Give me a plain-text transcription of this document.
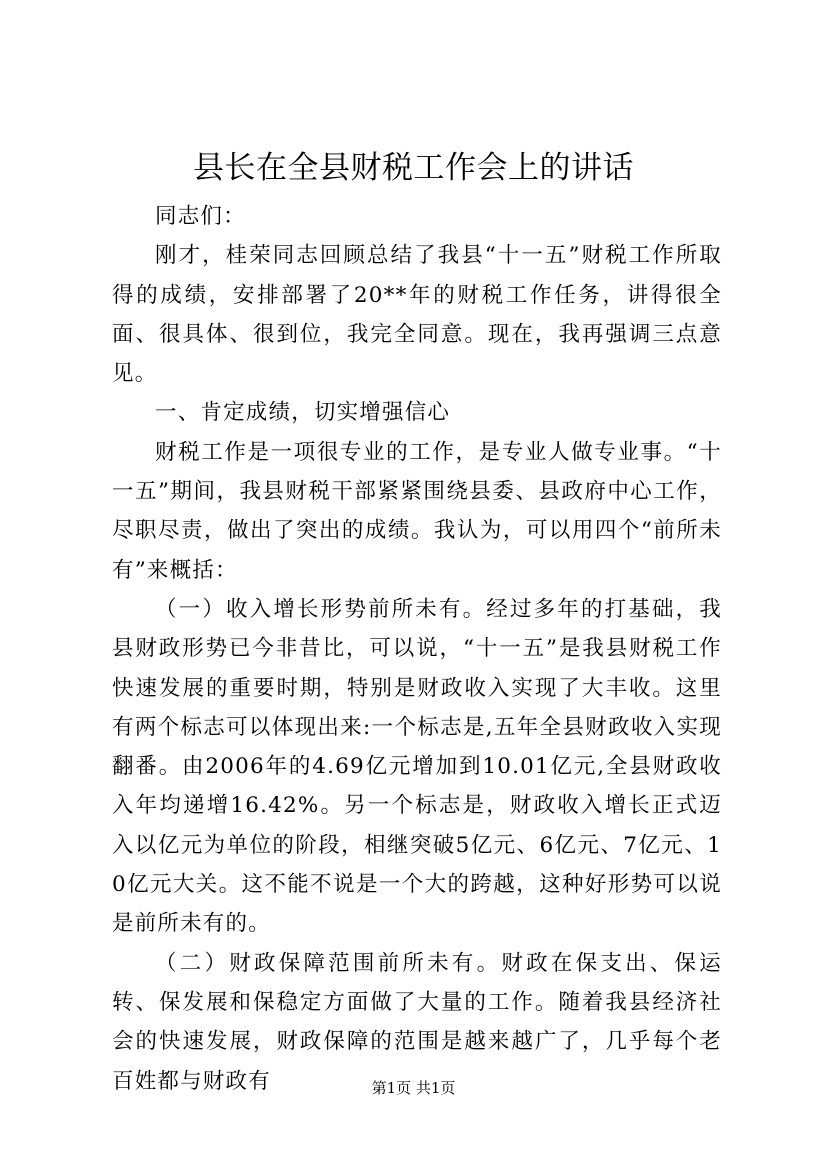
县长在全县财税工作会上的讲话

同志们：

刚才，桂荣同志回顾总结了我县“十一五”财税工作所取得的成绩，安排部署了20**年的财税工作任务，讲得很全面、很具体、很到位，我完全同意。现在，我再强调三点意见。

一、肯定成绩，切实增强信心

财税工作是一项很专业的工作，是专业人做专业事。“十一五”期间，我县财税干部紧紧围绕县委、县政府中心工作，尽职尽责，做出了突出的成绩。我认为，可以用四个“前所未有”来概括：

（一）收入增长形势前所未有。经过多年的打基础，我县财政形势已今非昔比，可以说，“十一五”是我县财税工作快速发展的重要时期，特别是财政收入实现了大丰收。这里有两个标志可以体现出来:一个标志是,五年全县财政收入实现翻番。由2006年的4.69亿元增加到10.01亿元,全县财政收入年均递增16.42%。另一个标志是，财政收入增长正式迈入以亿元为单位的阶段，相继突破5亿元、6亿元、7亿元、10亿元大关。这不能不说是一个大的跨越，这种好形势可以说是前所未有的。

（二）财政保障范围前所未有。财政在保支出、保运转、保发展和保稳定方面做了大量的工作。随着我县经济社会的快速发展，财政保障的范围是越来越广了，几乎每个老百姓都与财政有	第1页 共1页
